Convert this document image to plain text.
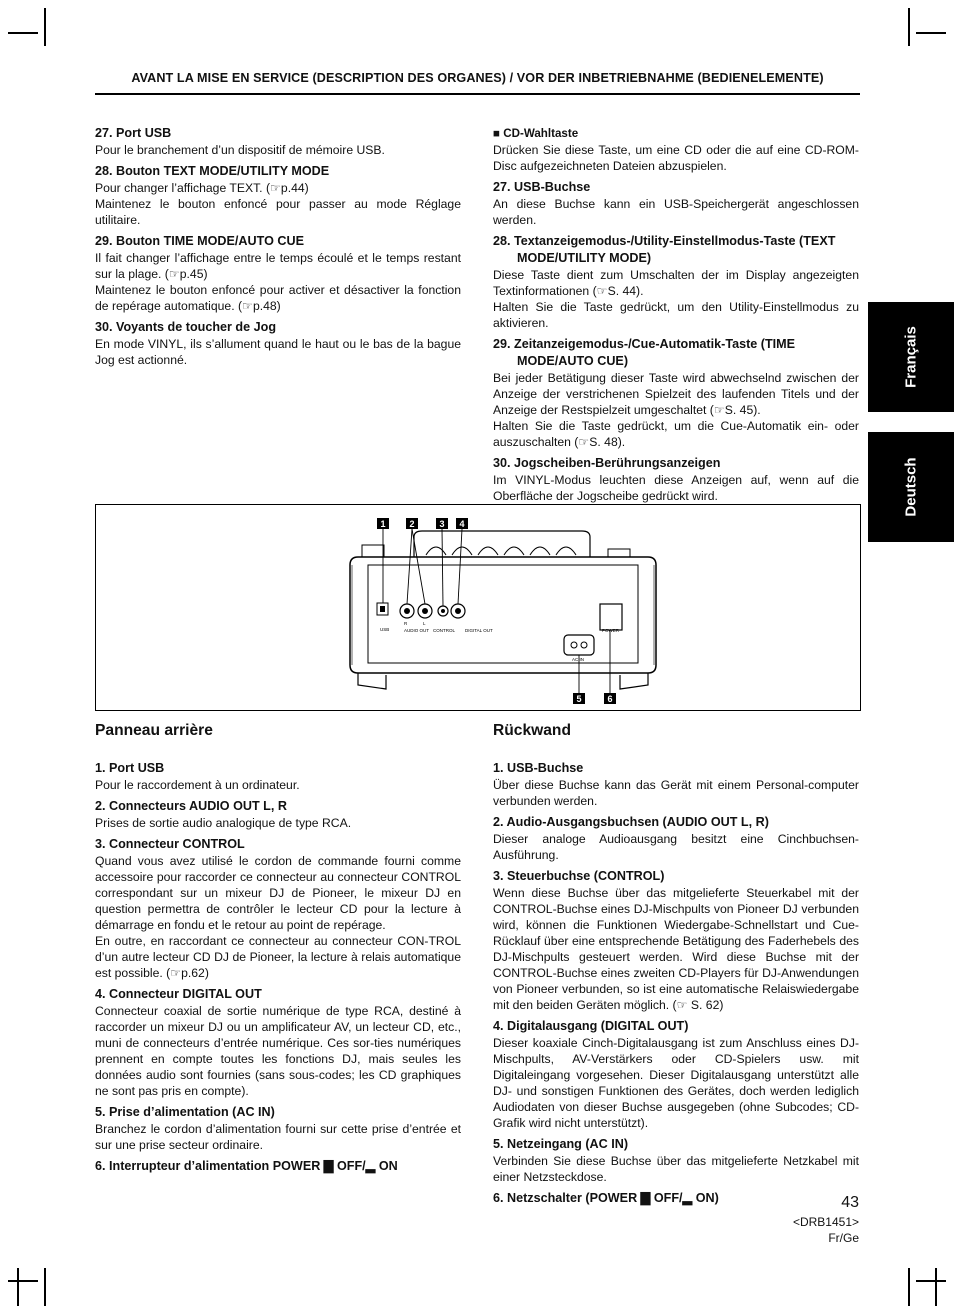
AVANT LA MISE EN SERVICE (DESCRIPTION DES ORGANES) / VOR DER INBETRIEBNAHME (BEDIENELEMENTE)
Français
Deutsch
27. Port USB
Pour le branchement d’un dispositif de mémoire USB.
28. Bouton TEXT MODE/UTILITY MODE
Pour changer l’affichage TEXT. (☞p.44)
Maintenez le bouton enfoncé pour passer au mode Réglage utilitaire.
29. Bouton TIME MODE/AUTO CUE
Il fait changer l’affichage entre le temps écoulé et le temps restant sur la plage. (☞p.45)
Maintenez le bouton enfoncé pour activer et désactiver la fonction de repérage automatique. (☞p.48)
30. Voyants de toucher de Jog
En mode VINYL, ils s’allument quand le haut ou le bas de la bague Jog est actionné.
■ CD-Wahltaste
Drücken Sie diese Taste, um eine CD oder die auf eine CD-ROM-Disc aufgezeichneten Dateien abzuspielen.
27. USB-Buchse
An diese Buchse kann ein USB-Speichergerät angeschlossen werden.
28. Textanzeigemodus-/Utility-Einstellmodus-Taste (TEXT MODE/UTILITY MODE)
Diese Taste dient zum Umschalten der im Display angezeigten Textinformationen (☞S. 44).
Halten Sie die Taste gedrückt, um den Utility-Einstellmodus zu aktivieren.
29. Zeitanzeigemodus-/Cue-Automatik-Taste (TIME MODE/AUTO CUE)
Bei jeder Betätigung dieser Taste wird abwechselnd zwischen der Anzeige der verstrichenen Spielzeit des laufenden Titels und der Anzeige der Restspielzeit umgeschaltet (☞S. 45).
Halten Sie die Taste gedrückt, um die Cue-Automatik ein- oder auszuschalten (☞S. 48).
30. Jogscheiben-Berührungsanzeigen
Im VINYL-Modus leuchten diese Anzeigen auf, wenn auf die Oberfläche der Jogscheibe gedrückt wird.
USB
R	L
AUDIO OUT CONTROL DIGITAL OUT	POWER
AC IN
1	2	3 4
5	6
Panneau arrière
1. Port USB
Pour le raccordement à un ordinateur.
2. Connecteurs AUDIO OUT L, R
Prises de sortie audio analogique de type RCA.
3. Connecteur CONTROL
Quand vous avez utilisé le cordon de commande fourni comme accessoire pour raccorder ce connecteur au connecteur CONTROL correspondant sur un mixeur DJ de Pioneer, le mixeur DJ en question permettra de contrôler le lecteur CD pour la lecture à démarrage en fondu et le retour au point de repérage.
En outre, en raccordant ce connecteur au connecteur CON-TROL d’un autre lecteur CD DJ de Pioneer, la lecture à relais automatique est possible. (☞p.62)
4. Connecteur DIGITAL OUT
Connecteur coaxial de sortie numérique de type RCA, destiné à raccorder un mixeur DJ ou un amplificateur AV, un lecteur CD, etc., muni de connecteurs d’entrée numérique. Ces sor-ties numériques prennent en compte toutes les fonctions DJ, mais seules les données audio sont fournies (sans sous-codes; les CD graphiques ne sont pas pris en compte).
5. Prise d’alimentation (AC IN)
Branchez le cordon d’alimentation fourni sur cette prise d’entrée et sur une prise secteur ordinaire.
6. Interrupteur d’alimentation POWER ▇ OFF/▂ ON
Rückwand
1. USB-Buchse
Über diese Buchse kann das Gerät mit einem Personal-computer verbunden werden.
2. Audio-Ausgangsbuchsen (AUDIO OUT L, R)
Dieser analoge Audioausgang besitzt eine Cinchbuchsen-Ausführung.
3. Steuerbuchse (CONTROL)
Wenn diese Buchse über das mitgelieferte Steuerkabel mit der CONTROL-Buchse eines DJ-Mischpults von Pioneer DJ verbunden wird, können die Funktionen Wiedergabe-Schnellstart und Cue-Rücklauf über eine entsprechende Betätigung des Faderhebels des DJ-Mischpults gesteuert werden. Wird diese Buchse mit der CONTROL-Buchse eines zweiten CD-Players für DJ-Anwendungen von Pioneer verbunden, so ist eine automatische Relaiswiedergabe mit den beiden Geräten möglich. (☞ S. 62)
4. Digitalausgang (DIGITAL OUT)
Dieser koaxiale Cinch-Digitalausgang ist zum Anschluss eines DJ-Mischpults, AV-Verstärkers oder CD-Spielers usw. mit Digitaleingang vorgesehen. Dieser Digitalausgang unterstützt alle DJ- und sonstigen Funktionen des Gerätes, doch werden lediglich Audiodaten von dieser Buchse ausgegeben (ohne Subcodes; CD-Grafik wird nicht unterstützt).
5. Netzeingang (AC IN)
Verbinden Sie diese Buchse über das mitgelieferte Netzkabel mit einer Netzsteckdose.
6. Netzschalter (POWER ▇ OFF/▂ ON)	43
<DRB1451>
Fr/Ge
